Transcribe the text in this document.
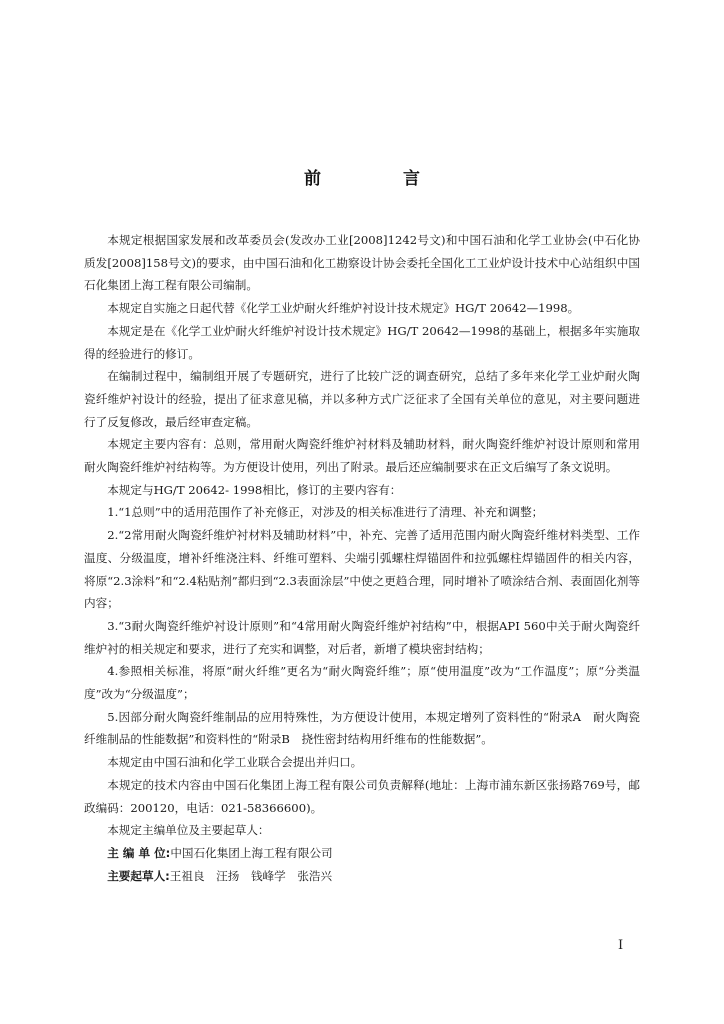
前 言

本规定根据国家发展和改革委员会(发改办工业[2008]1242号文)和中国石油和化学工业协会(中石化协质发[2008]158号文)的要求，由中国石油和化工勘察设计协会委托全国化工工业炉设计技术中心站组织中国石化集团上海工程有限公司编制。

本规定自实施之日起代替《化学工业炉耐火纤维炉衬设计技术规定》HG/T 20642—1998。

本规定是在《化学工业炉耐火纤维炉衬设计技术规定》HG/T 20642—1998的基础上，根据多年实施取得的经验进行的修订。

在编制过程中，编制组开展了专题研究，进行了比较广泛的调查研究，总结了多年来化学工业炉耐火陶瓷纤维炉衬设计的经验，提出了征求意见稿，并以多种方式广泛征求了全国有关单位的意见，对主要问题进行了反复修改，最后经审查定稿。

本规定主要内容有：总则，常用耐火陶瓷纤维炉衬材料及辅助材料，耐火陶瓷纤维炉衬设计原则和常用耐火陶瓷纤维炉衬结构等。为方便设计使用，列出了附录。最后还应编制要求在正文后编写了条文说明。

本规定与HG/T 20642- 1998相比，修订的主要内容有：

1.“1总则”中的适用范围作了补充修正，对涉及的相关标准进行了清理、补充和调整；

2.“2常用耐火陶瓷纤维炉衬材料及辅助材料”中，补充、完善了适用范围内耐火陶瓷纤维材料类型、工作温度、分级温度，增补纤维浇注料、纤维可塑料、尖端引弧螺柱焊锚固件和拉弧螺柱焊锚固件的相关内容，将原“2.3涂料”和“2.4粘贴剂”都归到“2.3表面涂层”中使之更趋合理，同时增补了喷涂结合剂、表面固化剂等内容；

3.“3耐火陶瓷纤维炉衬设计原则”和“4常用耐火陶瓷纤维炉衬结构”中，根据API 560中关于耐火陶瓷纤维炉衬的相关规定和要求，进行了充实和调整，对后者，新增了模块密封结构；

4.参照相关标准，将原“耐火纤维”更名为“耐火陶瓷纤维”；原“使用温度”改为“工作温度”；原“分类温度”改为“分级温度”；

5.因部分耐火陶瓷纤维制品的应用特殊性，为方便设计使用，本规定增列了资料性的“附录A　耐火陶瓷纤维制品的性能数据”和资料性的“附录B　挠性密封结构用纤维布的性能数据”。

本规定由中国石油和化学工业联合会提出并归口。

本规定的技术内容由中国石化集团上海工程有限公司负责解释(地址：上海市浦东新区张扬路769号，邮政编码：200120，电话：021-58366600)。

本规定主编单位及主要起草人：

主 编 单 位:中国石化集团上海工程有限公司

主要起草人:王祖良　汪扬　钱峰学　张浩兴

I
